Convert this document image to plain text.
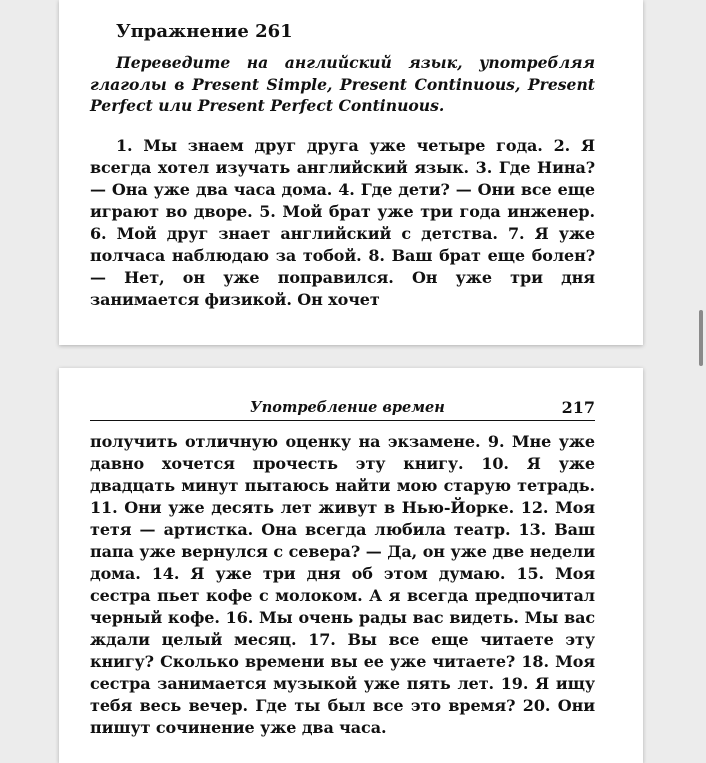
Упражнение 261

Переведите на английский язык, употребляя глаголы в Present Simple, Present Continuous, Present Perfect или Present Perfect Continuous.

1. Мы знаем друг друга уже четыре года. 2. Я всегда хотел изучать английский язык. 3. Где Нина? — Она уже два часа дома. 4. Где дети? — Они все еще играют во дворе. 5. Мой брат уже три года инженер. 6. Мой друг знает английский с детства. 7. Я уже полчаса наблюдаю за тобой. 8. Ваш брат еще болен? — Нет, он уже поправился. Он уже три дня занимается физикой. Он хочет

Употребление времен	217

получить отличную оценку на экзамене. 9. Мне уже давно хочется прочесть эту книгу. 10. Я уже двадцать минут пытаюсь найти мою старую тетрадь. 11. Они уже десять лет живут в Нью-Йорке. 12. Моя тетя — артистка. Она всегда любила театр. 13. Ваш папа уже вернулся с севера? — Да, он уже две недели дома. 14. Я уже три дня об этом думаю. 15. Моя сестра пьет кофе с молоком. А я всегда предпочитал черный кофе. 16. Мы очень рады вас видеть. Мы вас ждали целый месяц. 17. Вы все еще читаете эту книгу? Сколько времени вы ее уже читаете? 18. Моя сестра занимается музыкой уже пять лет. 19. Я ищу тебя весь вечер. Где ты был все это время? 20. Они пишут сочинение уже два часа.
